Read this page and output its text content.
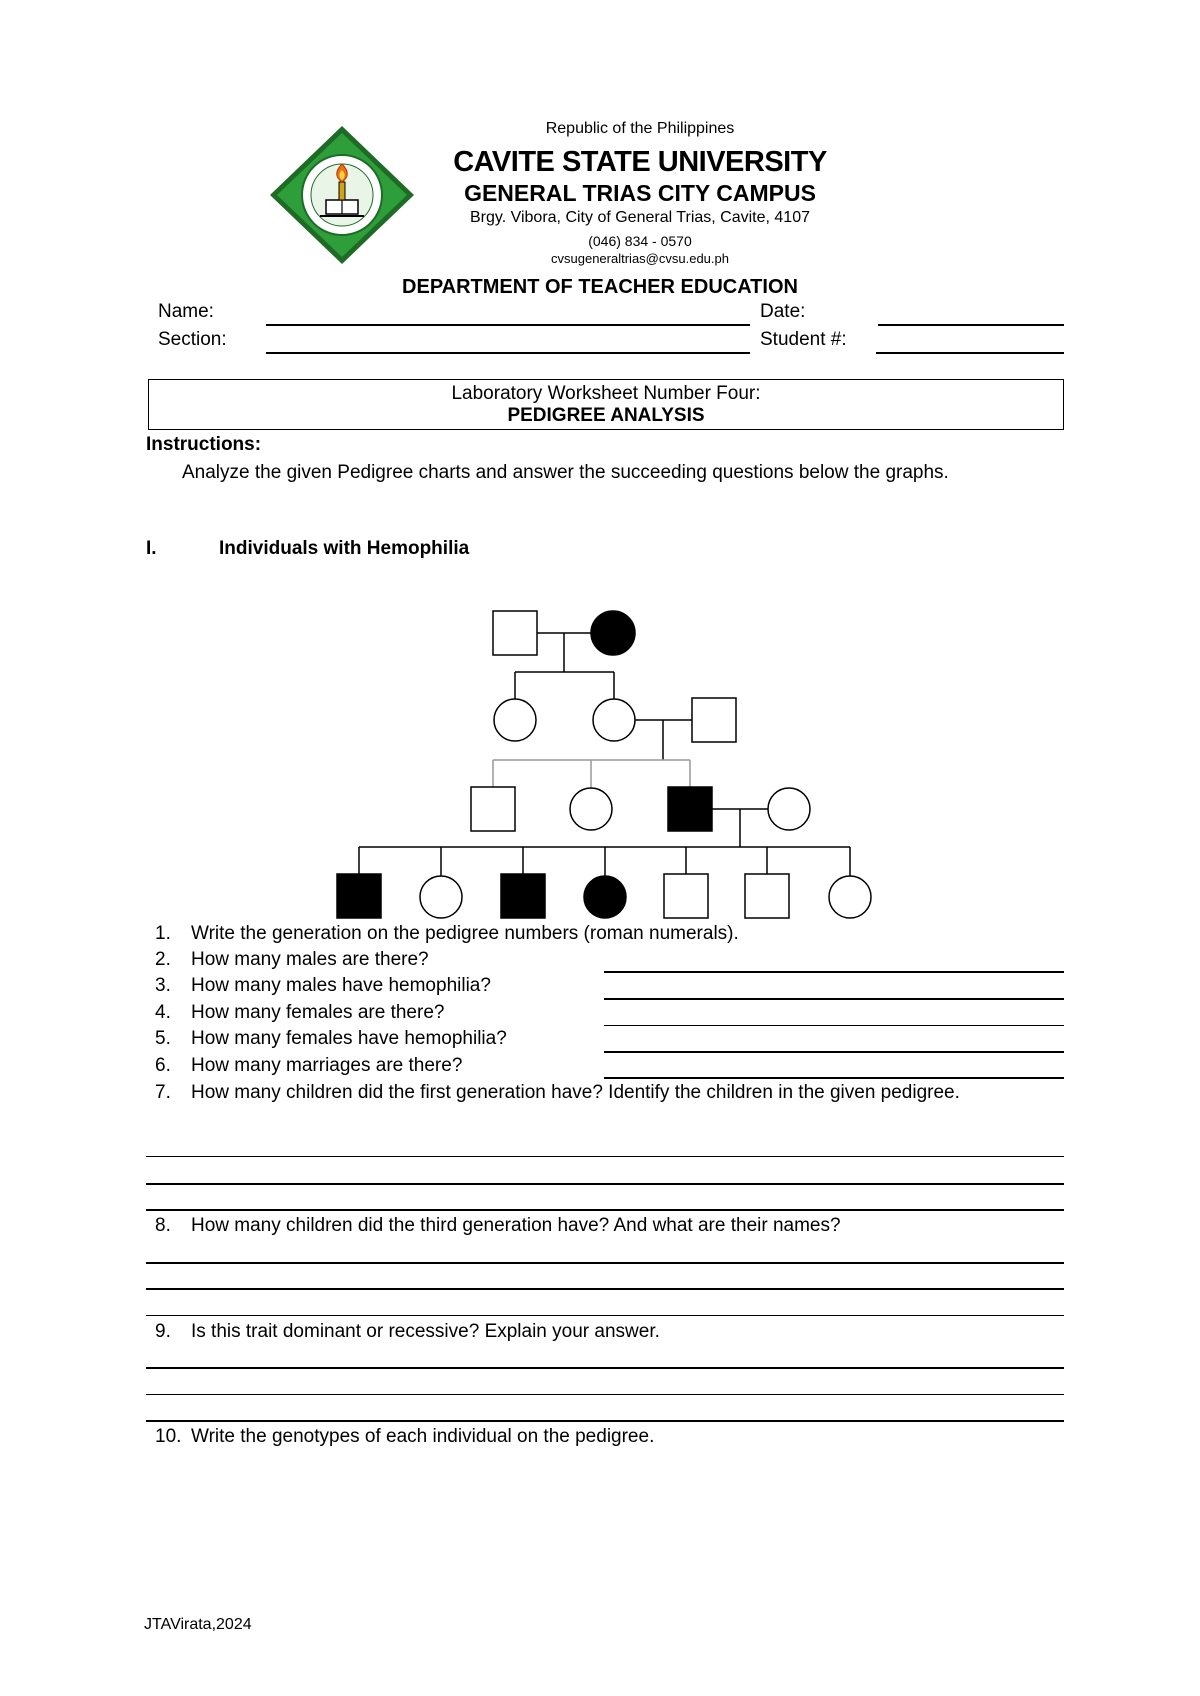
Republic of the Philippines
CAVITE STATE UNIVERSITY
GENERAL TRIAS CITY CAMPUS
Brgy. Vibora, City of General Trias, Cavite, 4107
(046) 834 - 0570
cvsugeneraltrias@cvsu.edu.ph
DEPARTMENT OF TEACHER EDUCATION
Name:
Section:
Date:
Student #:
Laboratory Worksheet Number Four:
PEDIGREE ANALYSIS
Instructions:
Analyze the given Pedigree charts and answer the succeeding questions below the graphs.
I.	Individuals with Hemophilia
1. Write the generation on the pedigree numbers (roman numerals).
2. How many males are there?
3. How many males have hemophilia?
4. How many females are there?
5. How many females have hemophilia?
6. How many marriages are there?
7. How many children did the first generation have? Identify the children in the given pedigree.
8. How many children did the third generation have? And what are their names?
9. Is this trait dominant or recessive? Explain your answer.
10. Write the genotypes of each individual on the pedigree.
JTAVirata,2024
